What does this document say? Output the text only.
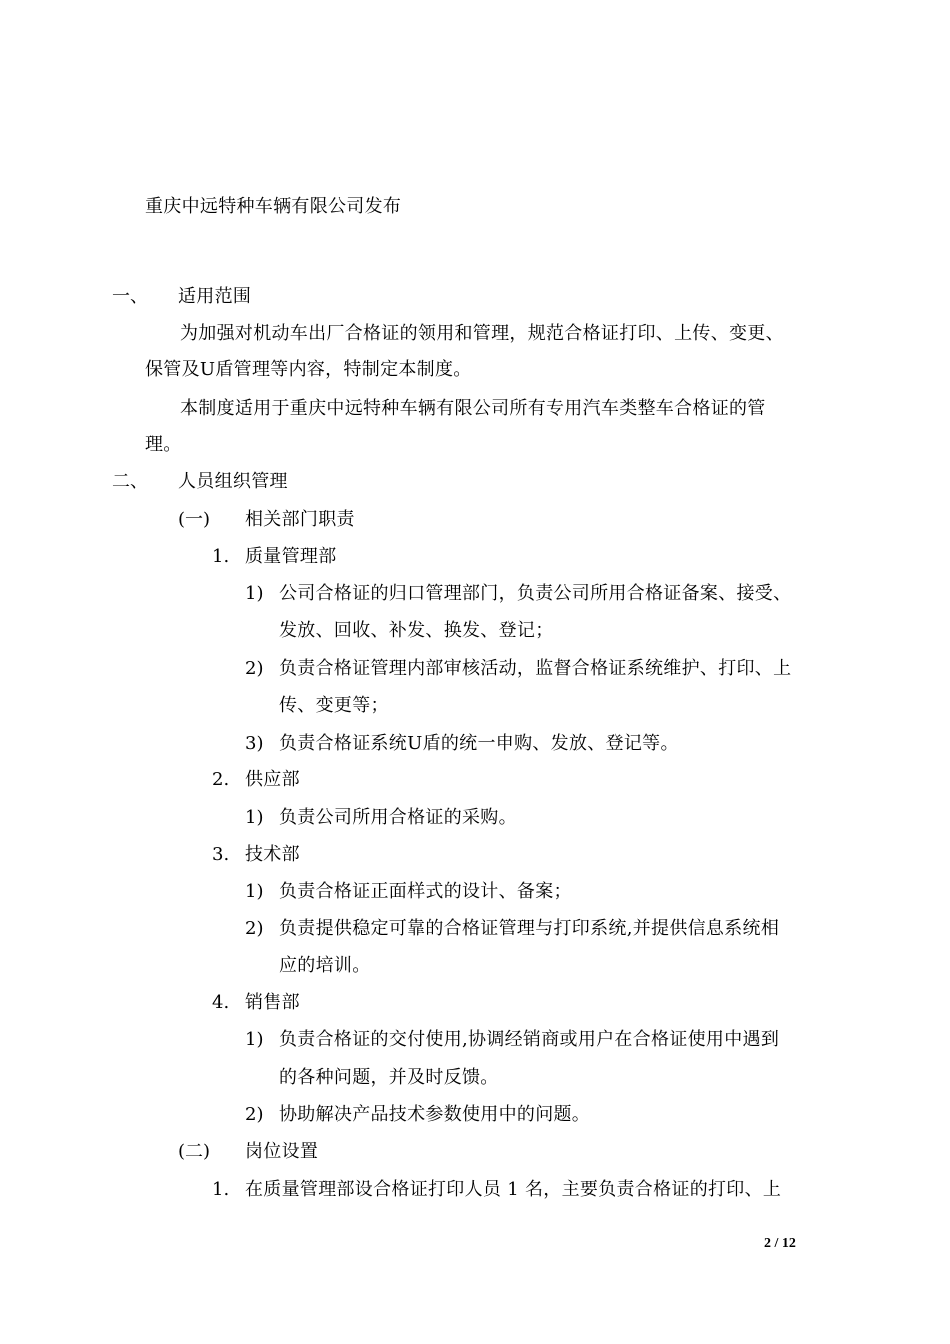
重庆中远特种车辆有限公司发布
一、 适用范围
为加强对机动车出厂合格证的领用和管理，规范合格证打印、上传、变更、
保管及U盾管理等内容，特制定本制度。
本制度适用于重庆中远特种车辆有限公司所有专用汽车类整车合格证的管
理。
二、 人员组织管理
(一) 相关部门职责
1. 质量管理部
1) 公司合格证的归口管理部门，负责公司所用合格证备案、接受、
发放、回收、补发、换发、登记；
2) 负责合格证管理内部审核活动，监督合格证系统维护、打印、上
传、变更等；
3) 负责合格证系统U盾的统一申购、发放、登记等。
2. 供应部
1) 负责公司所用合格证的采购。
3. 技术部
1) 负责合格证正面样式的设计、备案；
2) 负责提供稳定可靠的合格证管理与打印系统,并提供信息系统相
应的培训。
4. 销售部
1) 负责合格证的交付使用,协调经销商或用户在合格证使用中遇到
的各种问题，并及时反馈。
2) 协助解决产品技术参数使用中的问题。
(二) 岗位设置
1. 在质量管理部设合格证打印人员 1 名，主要负责合格证的打印、上
2 / 12
